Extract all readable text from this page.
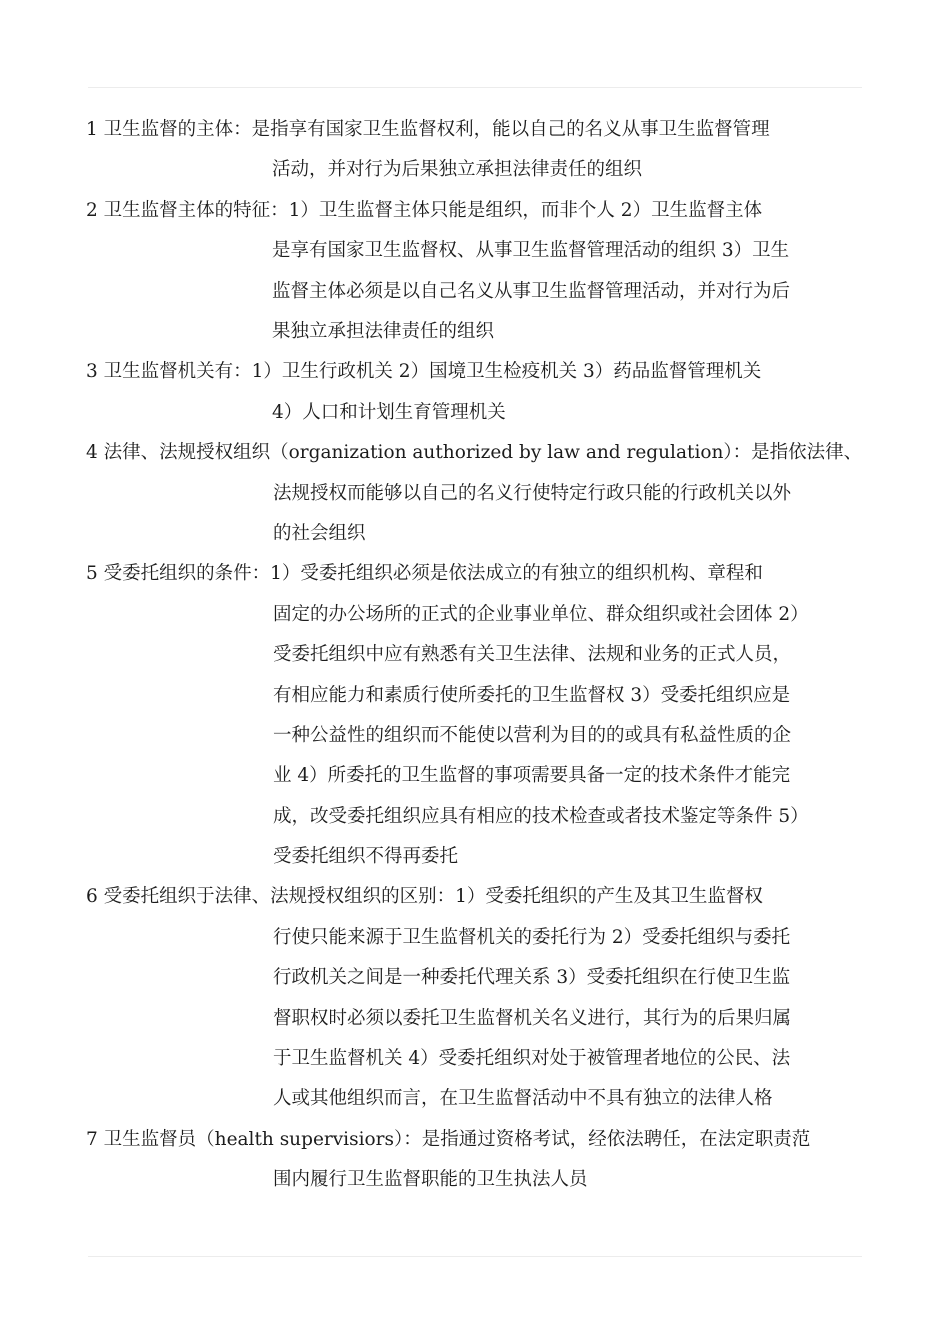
1 卫生监督的主体：是指享有国家卫生监督权利，能以自己的名义从事卫生监督管理
活动，并对行为后果独立承担法律责任的组织
2 卫生监督主体的特征：1）卫生监督主体只能是组织，而非个人 2）卫生监督主体
是享有国家卫生监督权、从事卫生监督管理活动的组织 3）卫生
监督主体必须是以自己名义从事卫生监督管理活动，并对行为后
果独立承担法律责任的组织
3 卫生监督机关有：1）卫生行政机关 2）国境卫生检疫机关 3）药品监督管理机关
4）人口和计划生育管理机关
4 法律、法规授权组织（organization authorized by law and regulation）：是指依法律、
法规授权而能够以自己的名义行使特定行政只能的行政机关以外
的社会组织
5 受委托组织的条件：1）受委托组织必须是依法成立的有独立的组织机构、章程和
固定的办公场所的正式的企业事业单位、群众组织或社会团体 2）
受委托组织中应有熟悉有关卫生法律、法规和业务的正式人员，
有相应能力和素质行使所委托的卫生监督权 3）受委托组织应是
一种公益性的组织而不能使以营利为目的的或具有私益性质的企
业 4）所委托的卫生监督的事项需要具备一定的技术条件才能完
成，改受委托组织应具有相应的技术检查或者技术鉴定等条件 5）
受委托组织不得再委托
6 受委托组织于法律、法规授权组织的区别：1）受委托组织的产生及其卫生监督权
行使只能来源于卫生监督机关的委托行为 2）受委托组织与委托
行政机关之间是一种委托代理关系 3）受委托组织在行使卫生监
督职权时必须以委托卫生监督机关名义进行，其行为的后果归属
于卫生监督机关 4）受委托组织对处于被管理者地位的公民、法
人或其他组织而言，在卫生监督活动中不具有独立的法律人格
7 卫生监督员（health supervisiors）：是指通过资格考试，经依法聘任，在法定职责范
围内履行卫生监督职能的卫生执法人员
